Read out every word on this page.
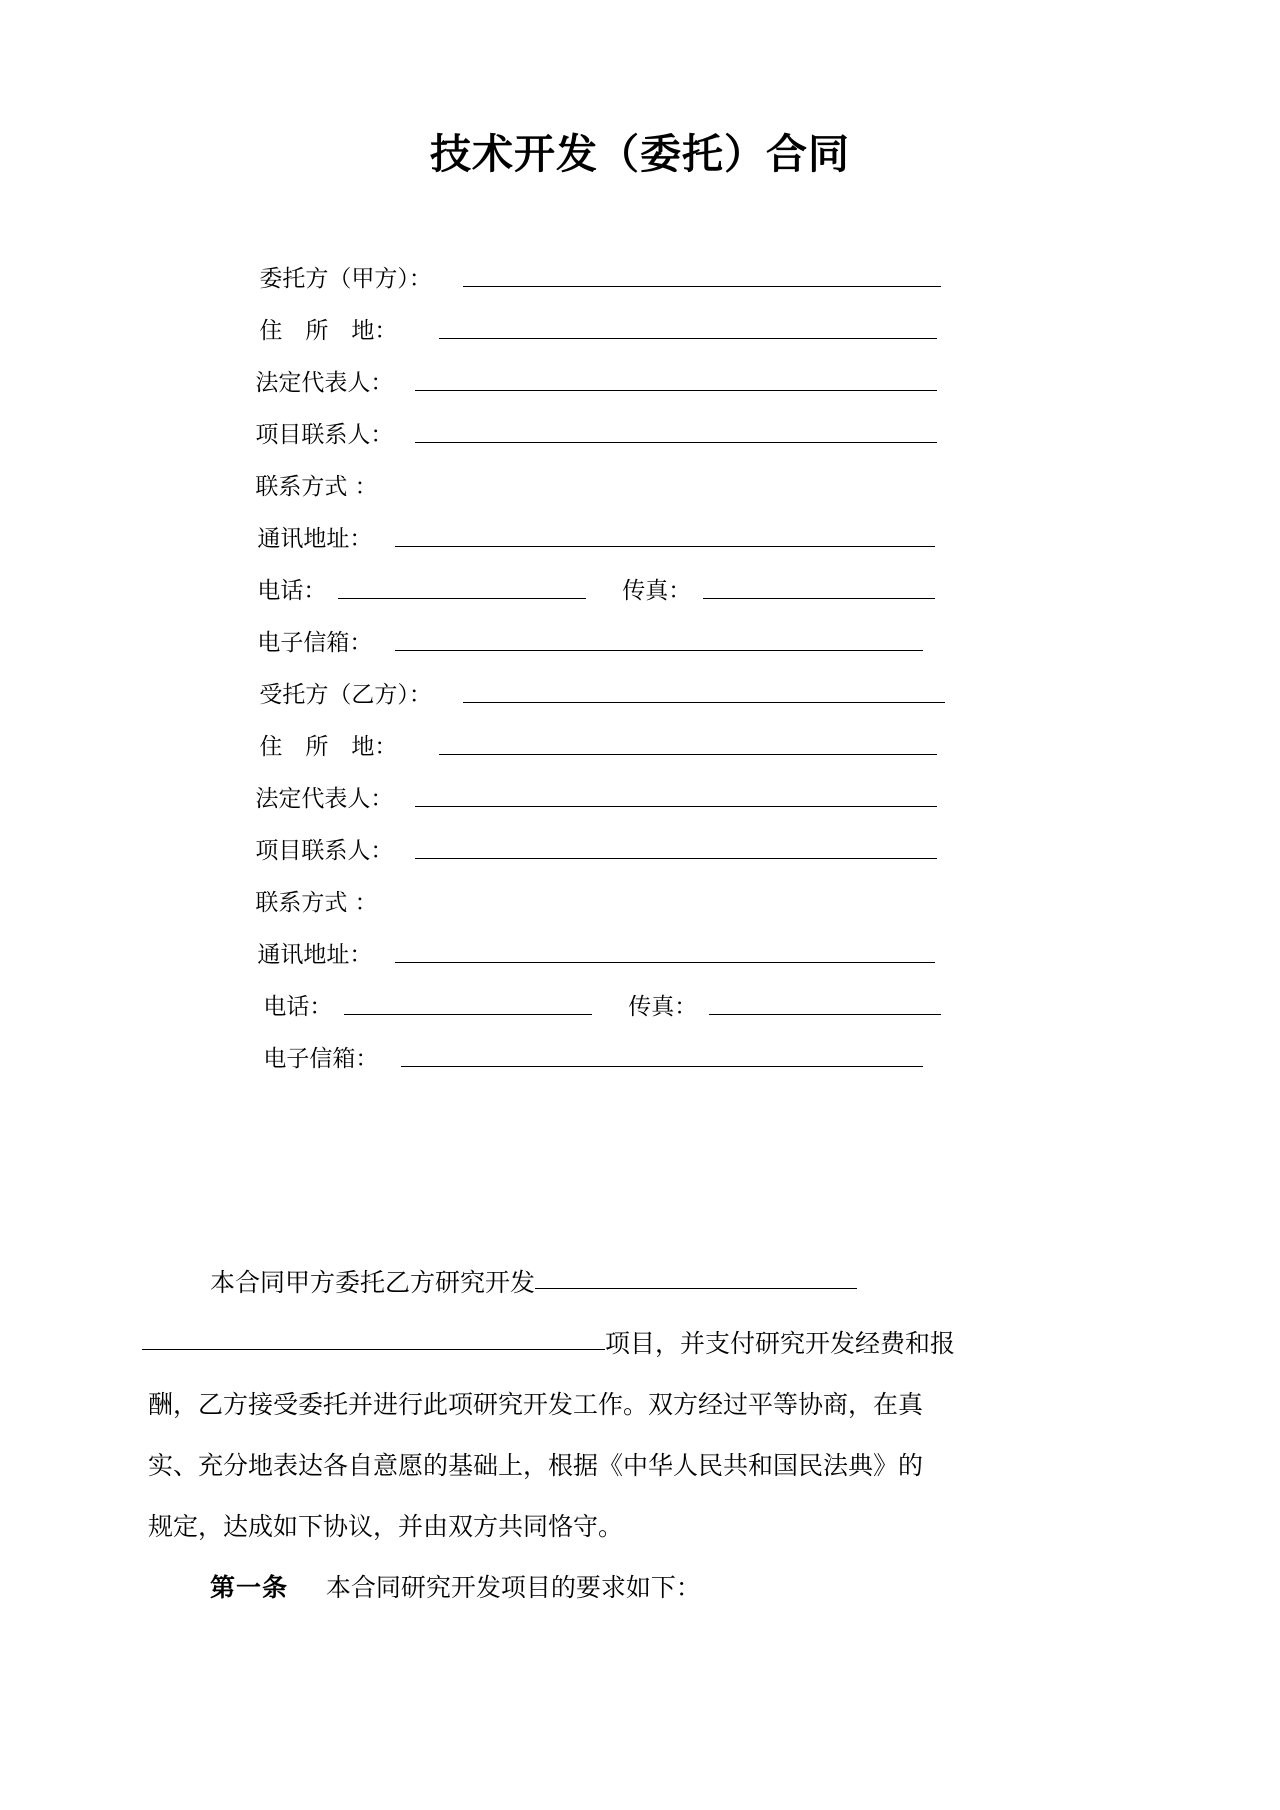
技术开发（委托）合同
委托方（甲方）：
住　所　地：
法定代表人：
项目联系人：
联系方式 ：
通讯地址：
电话：	传真：
电子信箱：
受托方（乙方）：
住　所　地：
法定代表人：
项目联系人：
联系方式 ：
通讯地址：
电话：	传真：
电子信箱：
本合同甲方委托乙方研究开发
项目，并支付研究开发经费和报
酬，乙方接受委托并进行此项研究开发工作。双方经过平等协商，在真
实、充分地表达各自意愿的基础上，根据《中华人民共和国民法典》的
规定，达成如下协议，并由双方共同恪守。
第一条 本合同研究开发项目的要求如下：
